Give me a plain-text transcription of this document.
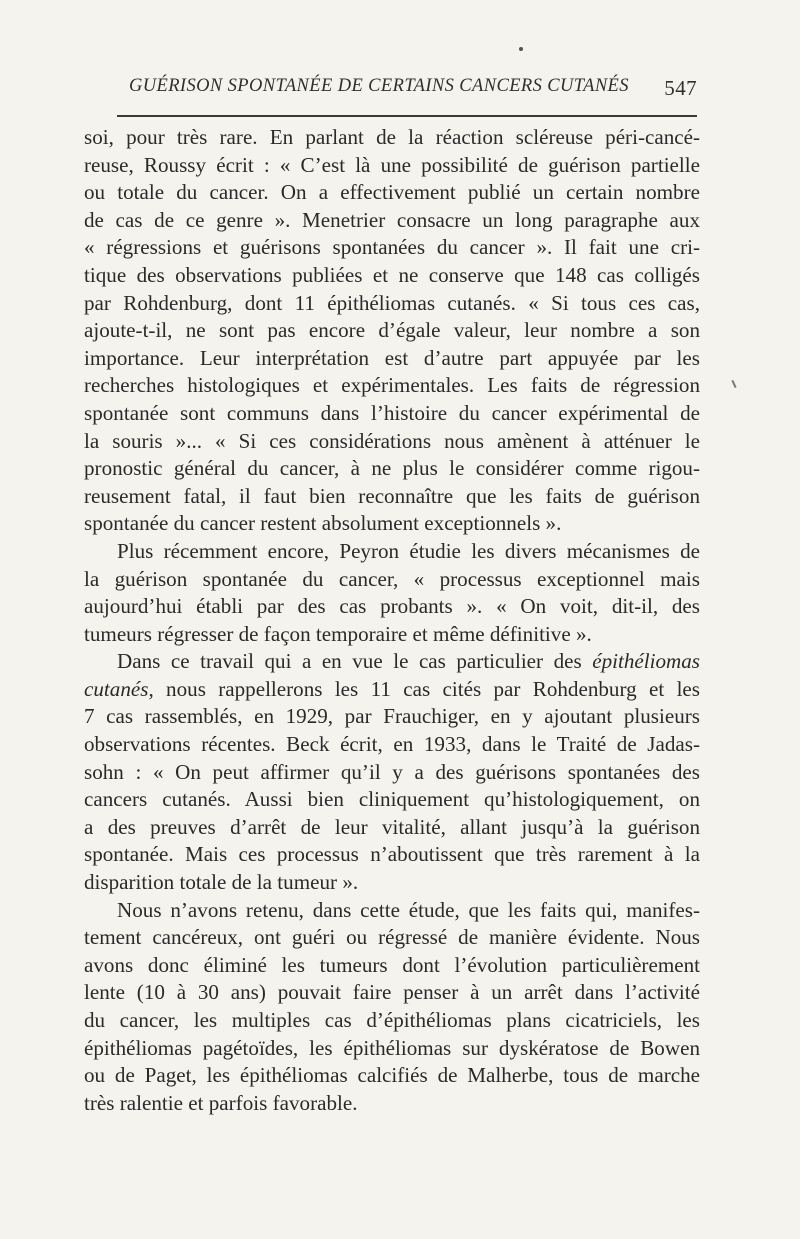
GUÉRISON SPONTANÉE DE CERTAINS CANCERS CUTANÉS 547
soi, pour très rare. En parlant de la réaction scléreuse péri-cancé-
reuse, Roussy écrit : « C’est là une possibilité de guérison partielle
ou totale du cancer. On a effectivement publié un certain nombre
de cas de ce genre ». Menetrier consacre un long paragraphe aux
« régressions et guérisons spontanées du cancer ». Il fait une cri-
tique des observations publiées et ne conserve que 148 cas colligés
par Rohdenburg, dont 11 épithéliomas cutanés. « Si tous ces cas,
ajoute-t-il, ne sont pas encore d’égale valeur, leur nombre a son
importance. Leur interprétation est d’autre part appuyée par les
recherches histologiques et expérimentales. Les faits de régression
spontanée sont communs dans l’histoire du cancer expérimental de
la souris »... « Si ces considérations nous amènent à atténuer le
pronostic général du cancer, à ne plus le considérer comme rigou-
reusement fatal, il faut bien reconnaître que les faits de guérison
spontanée du cancer restent absolument exceptionnels ».
Plus récemment encore, Peyron étudie les divers mécanismes de
la guérison spontanée du cancer, « processus exceptionnel mais
aujourd’hui établi par des cas probants ». « On voit, dit-il, des
tumeurs régresser de façon temporaire et même définitive ».
Dans ce travail qui a en vue le cas particulier des épithéliomas
cutanés, nous rappellerons les 11 cas cités par Rohdenburg et les
7 cas rassemblés, en 1929, par Frauchiger, en y ajoutant plusieurs
observations récentes. Beck écrit, en 1933, dans le Traité de Jadas-
sohn : « On peut affirmer qu’il y a des guérisons spontanées des
cancers cutanés. Aussi bien cliniquement qu’histologiquement, on
a des preuves d’arrêt de leur vitalité, allant jusqu’à la guérison
spontanée. Mais ces processus n’aboutissent que très rarement à la
disparition totale de la tumeur ».
Nous n’avons retenu, dans cette étude, que les faits qui, manifes-
tement cancéreux, ont guéri ou régressé de manière évidente. Nous
avons donc éliminé les tumeurs dont l’évolution particulièrement
lente (10 à 30 ans) pouvait faire penser à un arrêt dans l’activité
du cancer, les multiples cas d’épithéliomas plans cicatriciels, les
épithéliomas pagétoïdes, les épithéliomas sur dyskératose de Bowen
ou de Paget, les épithéliomas calcifiés de Malherbe, tous de marche
très ralentie et parfois favorable.
